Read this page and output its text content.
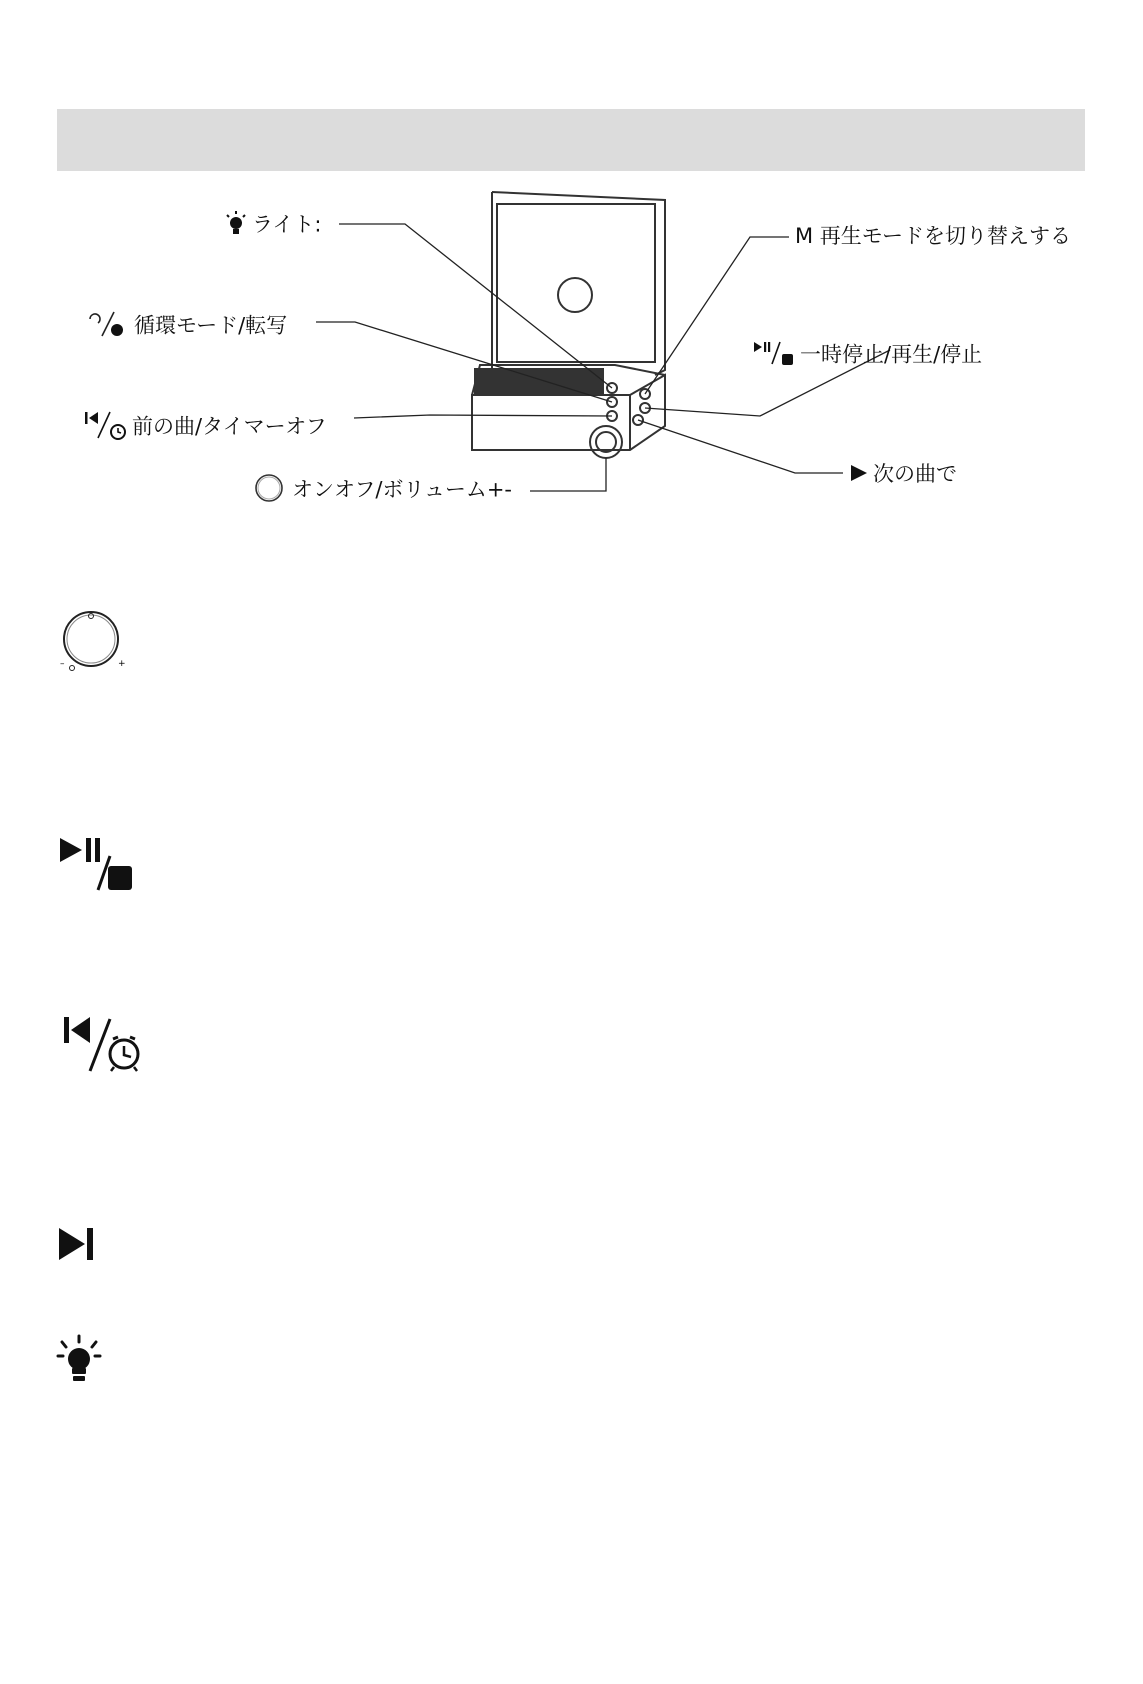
ライト:
循環モード/転写
前の曲/タイマーオフ
オンオフ/ボリューム+-
M 再生モードを切り替えする
一時停止/再生/停止
次の曲で
–	+
